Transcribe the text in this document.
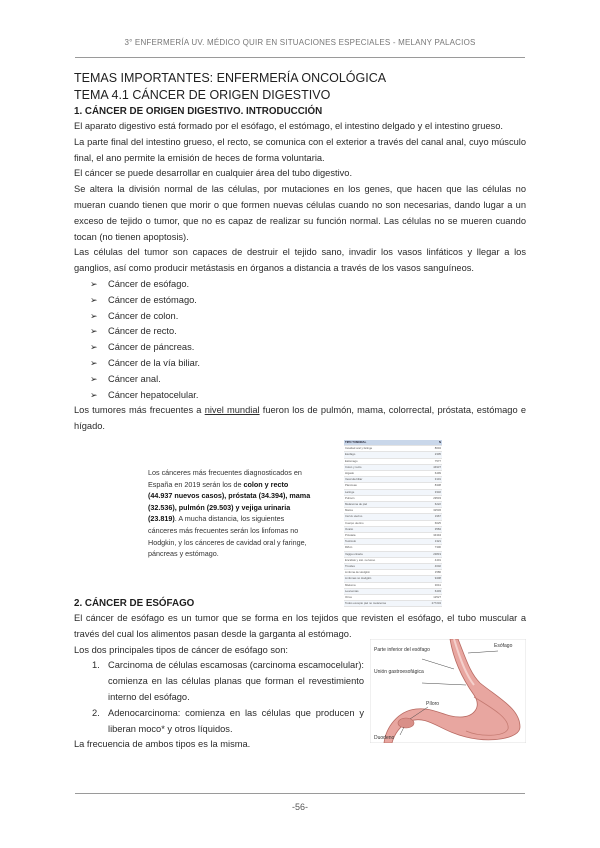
3° ENFERMERÍA UV. MÉDICO QUIR EN SITUACIONES ESPECIALES - MELANY PALACIOS
TEMAS IMPORTANTES: ENFERMERÍA ONCOLÓGICA
TEMA 4.1 CÁNCER DE ORIGEN DIGESTIVO
1. CÁNCER DE ORIGEN DIGESTIVO. INTRODUCCIÓN

El aparato digestivo está formado por el esófago, el estómago, el intestino delgado y el intestino grueso.

La parte final del intestino grueso, el recto, se comunica con el exterior a través del canal anal, cuyo músculo final, el ano permite la emisión de heces de forma voluntaria.

El cáncer se puede desarrollar en cualquier área del tubo digestivo.

Se altera la división normal de las células, por mutaciones en los genes, que hacen que las células no mueran cuando tienen que morir o que formen nuevas células cuando no son necesarias, dando lugar a un exceso de tejido o tumor, que no es capaz de realizar su función normal. Las células no se mueren cuando tocan (no tienen apoptosis).

Las células del tumor son capaces de destruir el tejido sano, invadir los vasos linfáticos y llegar a los ganglios, así como producir metástasis en órganos a distancia a través de los vasos sanguíneos.

➢ Cáncer de esófago.
➢ Cáncer de estómago.
➢ Cáncer de colon.
➢ Cáncer de recto.
➢ Cáncer de páncreas.
➢ Cáncer de la vía biliar.
➢ Cáncer anal.
➢ Cáncer hepatocelular.

Los tumores más frecuentes a nivel mundial fueron los de pulmón, mama, colorrectal, próstata, estómago e hígado.

Los cánceres más frecuentes diagnosticados en España en 2019 serán los de colon y recto (44.937 nuevos casos), próstata (34.394), mama (32.536), pulmón (29.503) y vejiga urinaria (23.819). A mucha distancia, los siguientes cánceres más frecuentes serán los linfomas no Hodgkin, y los cánceres de cavidad oral y faringe, páncreas y estómago.
TIPO TUMORAL	N
Cavidad oral y faringe	8604
Esófago	2305
Estómago	7577
Colon y recto	44937
Hígado	6499
Vesícula biliar	3101
Páncreas	8338
Laringe	3332
Pulmón	29503
Melanoma de piel	6222
Mama	32536
Cérvix uterino	1967
Cuerpo uterino	6625
Ovario	3584
Próstata	34394
Testículo	1321
Riñón	7300
Vejiga urinaria	23819
Encéfalo y sist. nervioso	4401
Tiroides	4602
Linfoma de Hodgkin	1586
Linfomas no Hodgkin	9408
Mieloma	3041
Leucemias	6403
Otros	12527
Todos excepto piel no melanoma	277234
2. CÁNCER DE ESÓFAGO

El cáncer de esófago es un tumor que se forma en los tejidos que revisten el esófago, el tubo muscular a través del cual los alimentos pasan desde la garganta al estómago.

Los dos principales tipos de cáncer de esófago son:

1. Carcinoma de células escamosas (carcinoma escamocelular): comienza en las células planas que forman el revestimiento interno del esófago.
2. Adenocarcinoma: comienza en las células que producen y liberan moco* y otros líquidos.

La frecuencia de ambos tipos es la misma.

Parte inferior del esófago
Unión gastroesofágica
Píloro
Duodeno
Esófago
-56-
